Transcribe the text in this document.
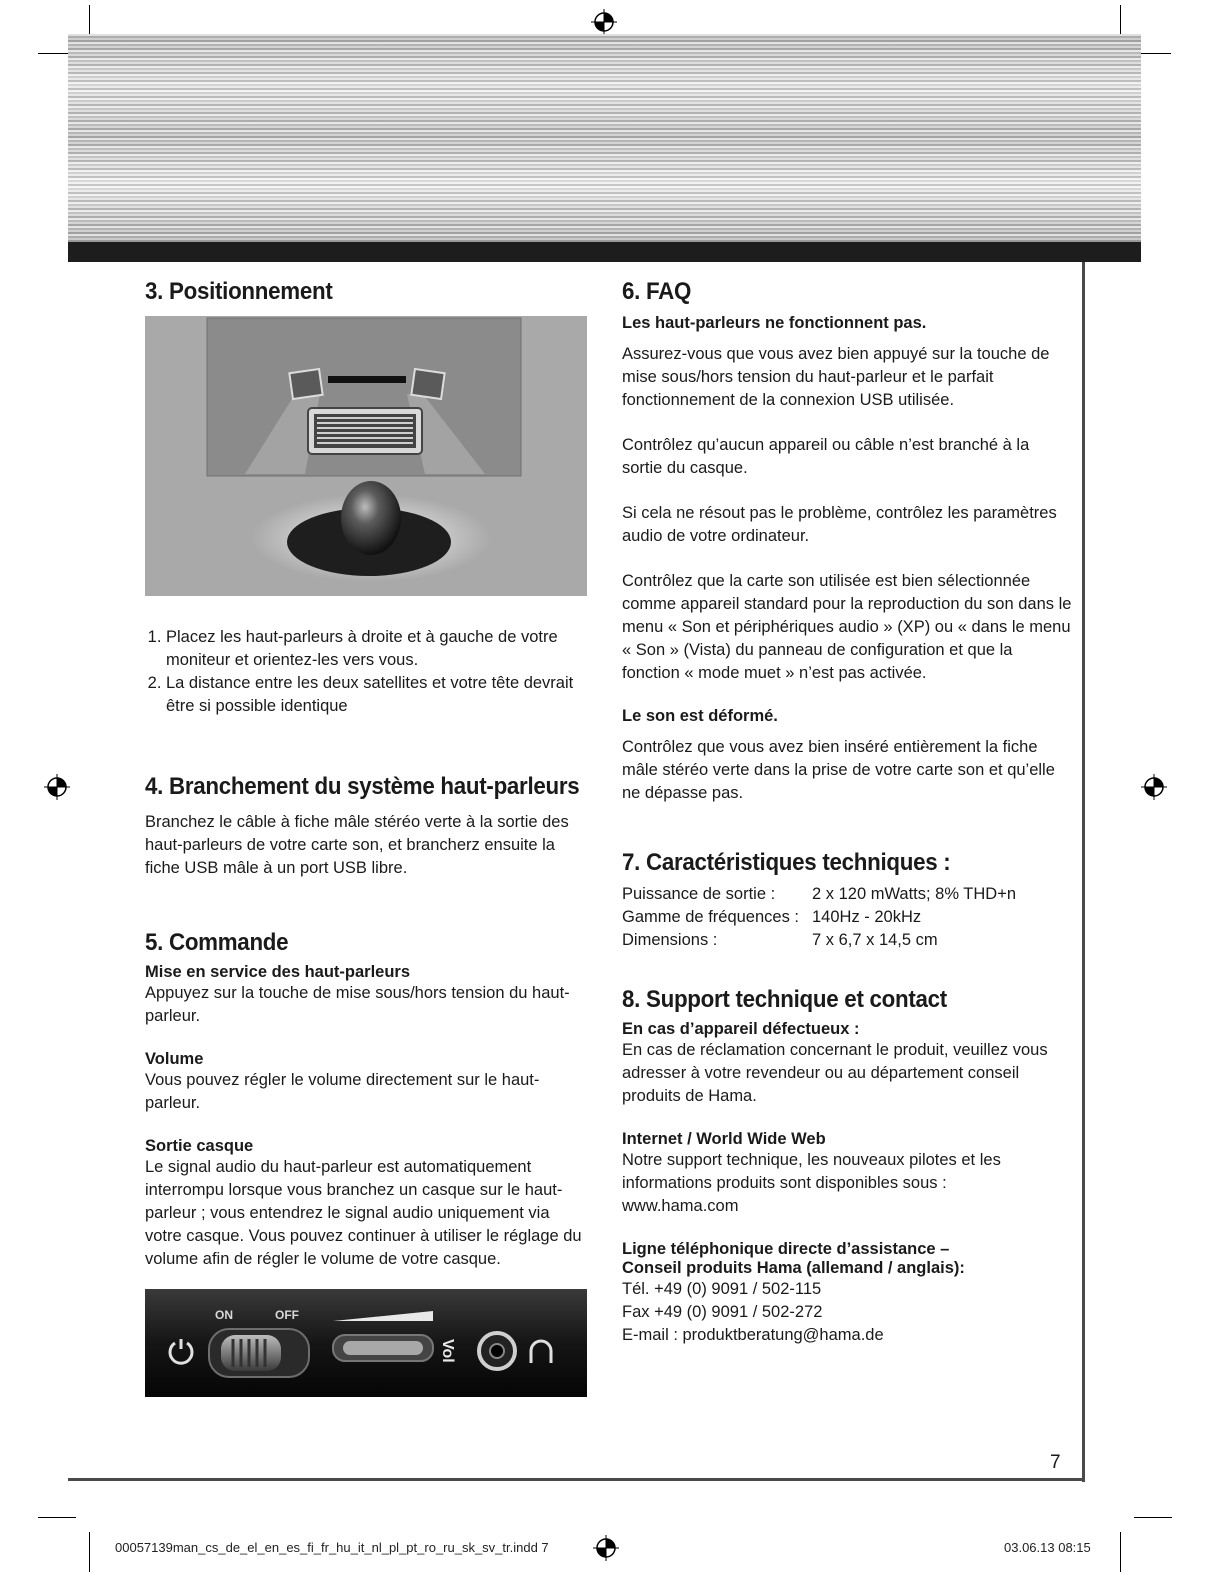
3. Positionnement
1. Placez les haut-parleurs à droite et à gauche de votre moniteur et orientez-les vers vous.
2. La distance entre les deux satellites et votre tête devrait être si possible identique
4. Branchement du système haut-parleurs

Branchez le câble à fiche mâle stéréo verte à la sortie des haut-parleurs de votre carte son, et brancherz ensuite la fiche USB mâle à un port USB libre.

5. Commande
Mise en service des haut-parleurs

Appuyez sur la touche de mise sous/hors tension du haut-parleur.

Volume

Vous pouvez régler le volume directement sur le haut-parleur.

Sortie casque

Le signal audio du haut-parleur est automatiquement interrompu lorsque vous branchez un casque sur le haut-parleur ; vous entendrez le signal audio uniquement via votre casque. Vous pouvez continuer à utiliser le réglage du volume afin de régler le volume de votre casque.

ON	OFF
Vol
6. FAQ
Les haut-parleurs ne fonctionnent pas.

Assurez-vous que vous avez bien appuyé sur la touche de mise sous/hors tension du haut-parleur et le parfait fonctionnement de la connexion USB utilisée.

Contrôlez qu’aucun appareil ou câble n’est branché à la sortie du casque.

Si cela ne résout pas le problème, contrôlez les paramètres audio de votre ordinateur.

Contrôlez que la carte son utilisée est bien sélectionnée comme appareil standard pour la reproduction du son dans le menu « Son et périphériques audio » (XP) ou « dans le menu « Son » (Vista) du panneau de configuration et que la fonction « mode muet » n’est pas activée.

Le son est déformé.

Contrôlez que vous avez bien inséré entièrement la fiche mâle stéréo verte dans la prise de votre carte son et qu’elle ne dépasse pas.

7. Caractéristiques techniques :
Puissance de sortie :	2 x 120 mWatts; 8% THD+n
Gamme de fréquences :	140Hz - 20kHz
Dimensions :	7 x 6,7 x 14,5 cm
8. Support technique et contact
En cas d’appareil défectueux :

En cas de réclamation concernant le produit, veuillez vous adresser à votre revendeur ou au département conseil produits de Hama.

Internet / World Wide Web

Notre support technique, les nouveaux pilotes et les informations produits sont disponibles sous :

www.hama.com

Ligne téléphonique directe d’assistance –
Conseil produits Hama (allemand / anglais):

Tél. +49 (0) 9091 / 502-115

Fax +49 (0) 9091 / 502-272

E-mail : produktberatung@hama.de

7
00057139man_cs_de_el_en_es_fi_fr_hu_it_nl_pl_pt_ro_ru_sk_sv_tr.indd 7	03.06.13 08:15
